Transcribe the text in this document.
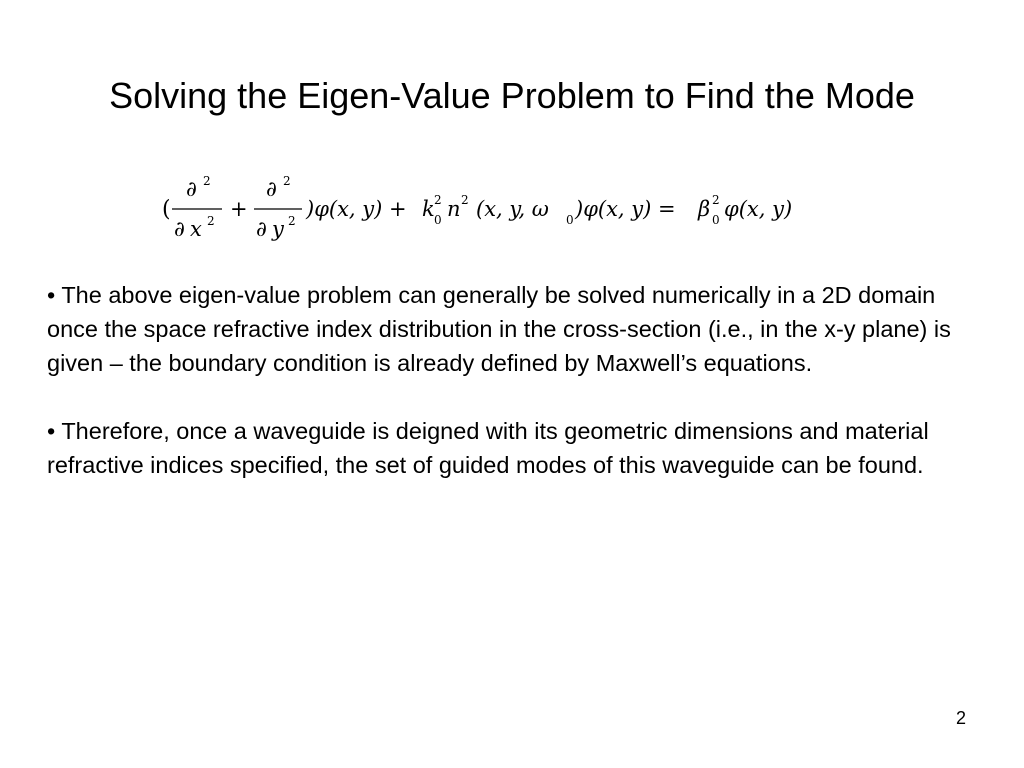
Solving the Eigen-Value Problem to Find the Mode
(
∂ 2
∂ x 2 +
∂ 2
∂ y 2 )φ(x, y) + k 2
0 n 2 (x, y, ω 0 )φ(x, y) = β 2
0 φ(x, y)

• The above eigen-value problem can generally be solved numerically in a 2D domain once the space refractive index distribution in the cross-section (i.e., in the x-y plane) is given – the boundary condition is already defined by Maxwell’s equations.

• Therefore, once a waveguide is deigned with its geometric dimensions and material refractive indices specified, the set of guided modes of this waveguide can be found.

2
